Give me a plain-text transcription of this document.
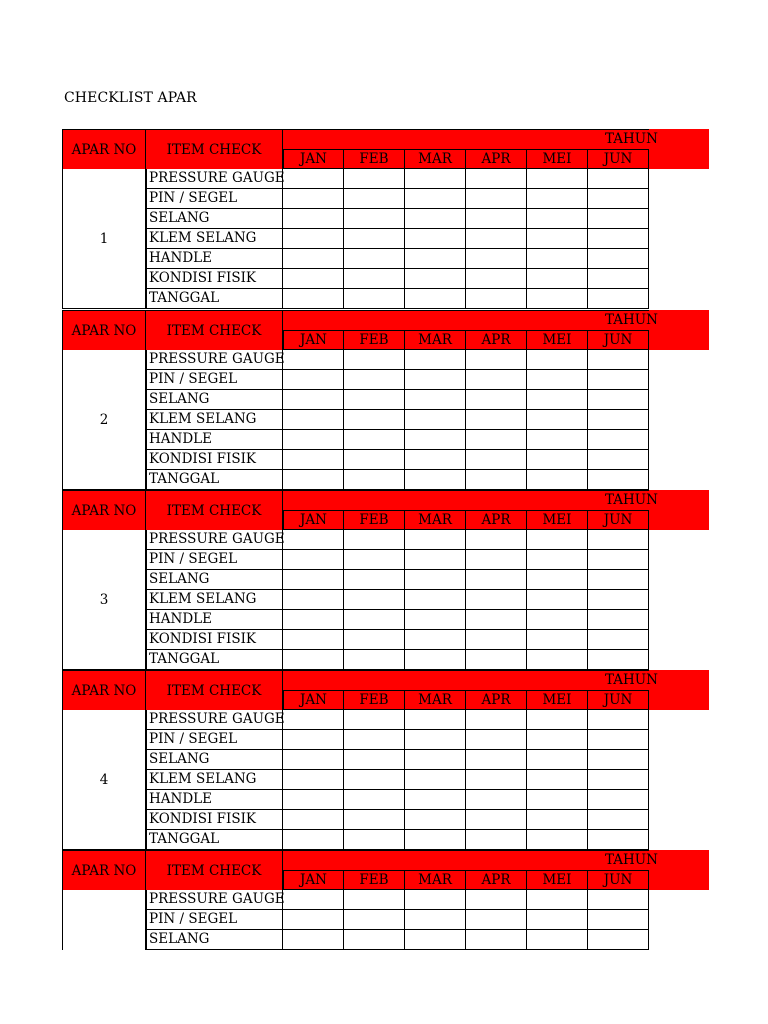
CHECKLIST APAR
APAR NO	ITEM CHECK
TAHUN
JAN	FEB	MAR	APR	MEI	JUN
1
PRESSURE GAUGE
PIN / SEGEL
SELANG
KLEM SELANG
HANDLE
KONDISI FISIK
TANGGAL
APAR NO	ITEM CHECK
TAHUN
JAN	FEB	MAR	APR	MEI	JUN
2
PRESSURE GAUGE
PIN / SEGEL
SELANG
KLEM SELANG
HANDLE
KONDISI FISIK
TANGGAL
APAR NO	ITEM CHECK
TAHUN
JAN	FEB	MAR	APR	MEI	JUN
3
PRESSURE GAUGE
PIN / SEGEL
SELANG
KLEM SELANG
HANDLE
KONDISI FISIK
TANGGAL
APAR NO	ITEM CHECK
TAHUN
JAN	FEB	MAR	APR	MEI	JUN
4
PRESSURE GAUGE
PIN / SEGEL
SELANG
KLEM SELANG
HANDLE
KONDISI FISIK
TANGGAL
APAR NO	ITEM CHECK
TAHUN
JAN	FEB	MAR	APR	MEI	JUN
PRESSURE GAUGE
PIN / SEGEL
SELANG
